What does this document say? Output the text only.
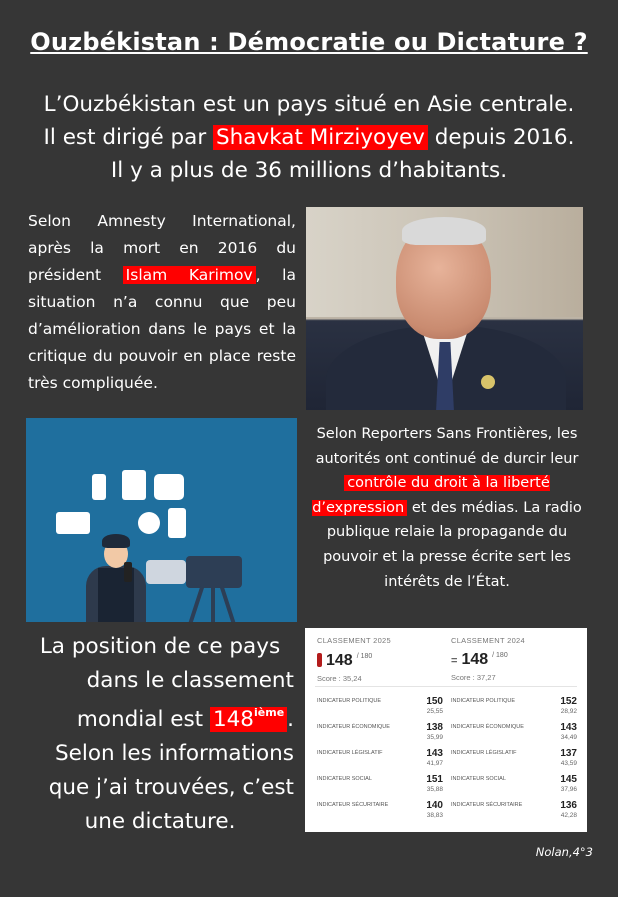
Ouzbékistan : Démocratie ou Dictature ?
L’Ouzbékistan est un pays situé en Asie centrale.
Il est dirigé par Shavkat Mirziyoyev depuis 2016.
Il y a plus de 36 millions d’habitants.
Selon Amnesty International, après la mort en 2016 du président Islam Karimov , la situation n’a connu que peu d’amélioration dans le pays et la critique du pouvoir en place reste très compliquée.
Selon Reporters Sans Frontières, les autorités ont continué de durcir leur contrôle du droit à la liberté d’expression et des médias. La radio publique relaie la propagande du pouvoir et la presse écrite sert les intérêts de l’État.
La position de ce pays
dans le classement
mondial est 148ième .
Selon les informations
que j’ai trouvées, c’est
une dictature.
CLASSEMENT 2025
148 / 180
Score : 35,24
CLASSEMENT 2024
= 148 / 180
Score : 37,27
INDICATEUR POLITIQUE	150
25,55
INDICATEUR ÉCONOMIQUE	138
35,99
INDICATEUR LÉGISLATIF	143
41,97
INDICATEUR SOCIAL	151
35,88
INDICATEUR SÉCURITAIRE	140
38,83
INDICATEUR POLITIQUE	152
28,92
INDICATEUR ÉCONOMIQUE	143
34,49
INDICATEUR LÉGISLATIF	137
43,59
INDICATEUR SOCIAL	145
37,96
INDICATEUR SÉCURITAIRE	136
42,28
Nolan,4°3
